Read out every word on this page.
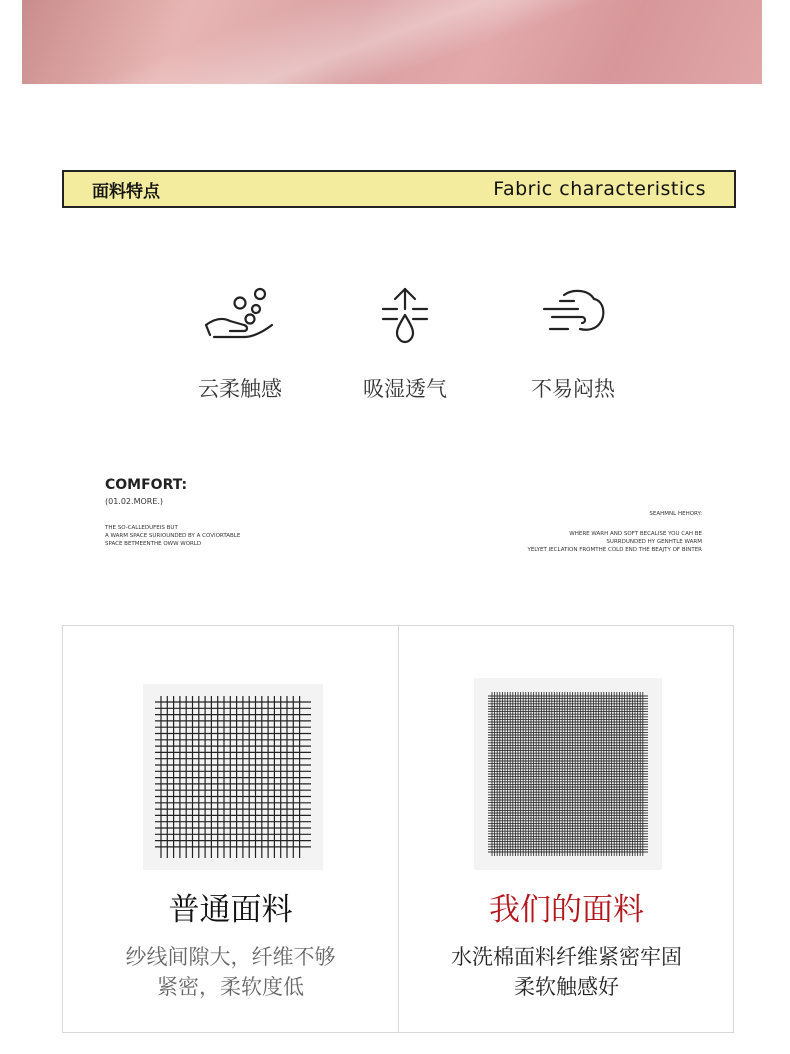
面料特点	Fabric characteristics
云柔触感	吸湿透气	不易闷热
COMFORT:
(01.02.MORE.)
THE SO-CALLEDUFEIS BUT
A WARM SPACE SURIOUNDED BY A COVIORTABLE
SPACE BETMEENTHE OWW WORLD
SEAHMNL HEHORY:
WHERE WARH AND SOFT BECALISE YOU CAH BE
SURRDUNDED HY GENHTLE WARM
YELYET IECLATION FROMTHE COLD END THE BEAJTY OF BINTER
普通面料
纱线间隙大，纤维不够
紧密，柔软度低
我们的面料
水洗棉面料纤维紧密牢固
柔软触感好
